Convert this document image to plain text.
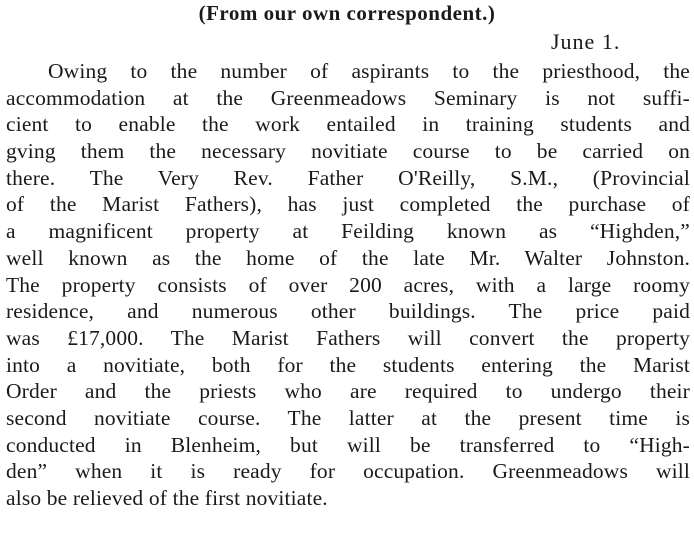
(From our own correspondent.)
June 1.
Owing to the number of aspirants to the priesthood, the
accommodation at the Greenmeadows Seminary is not suffi-
cient to enable the work entailed in training students and
gving them the necessary novitiate course to be carried on
there. The Very Rev. Father O'Reilly, S.M., (Provincial
of the Marist Fathers), has just completed the purchase of
a magnificent property at Feilding known as “Highden,”
well known as the home of the late Mr. Walter Johnston.
The property consists of over 200 acres, with a large roomy
residence, and numerous other buildings. The price paid
was £17,000. The Marist Fathers will convert the property
into a novitiate, both for the students entering the Marist
Order and the priests who are required to undergo their
second novitiate course. The latter at the present time is
conducted in Blenheim, but will be transferred to “High-
den” when it is ready for occupation. Greenmeadows will
also be relieved of the first novitiate.
